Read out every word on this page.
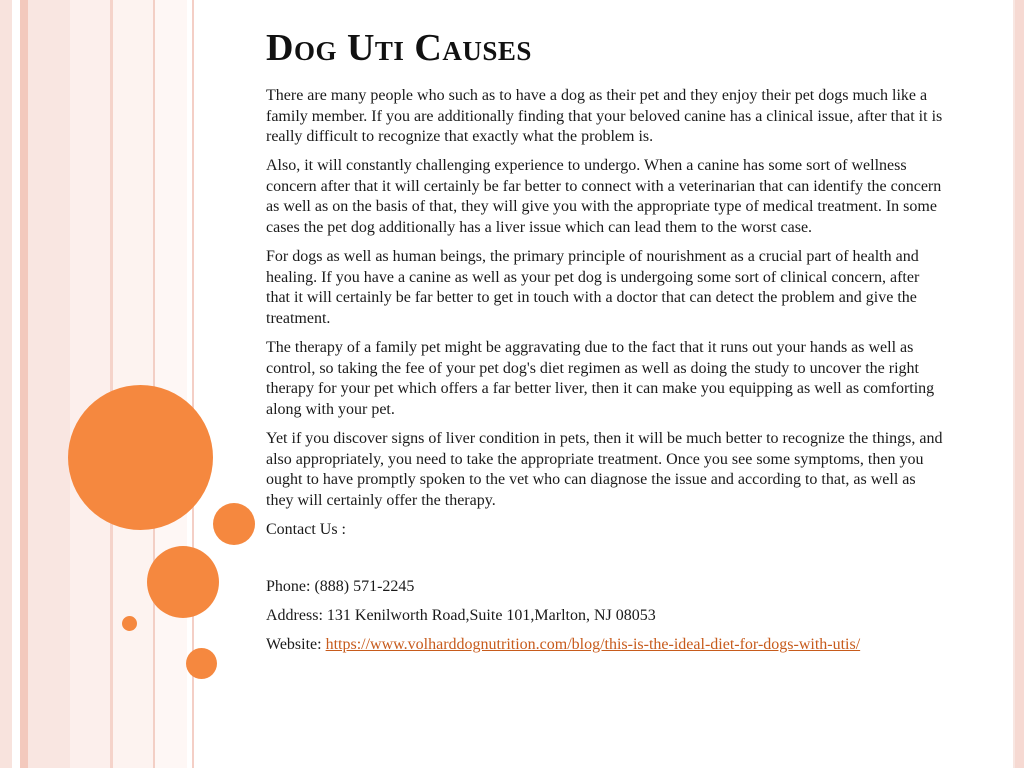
Dog Uti Causes

There are many people who such as to have a dog as their pet and they enjoy their pet dogs much like a family member. If you are additionally finding that your beloved canine has a clinical issue, after that it is really difficult to recognize that exactly what the problem is.

Also, it will constantly challenging experience to undergo. When a canine has some sort of wellness concern after that it will certainly be far better to connect with a veterinarian that can identify the concern as well as on the basis of that, they will give you with the appropriate type of medical treatment. In some cases the pet dog additionally has a liver issue which can lead them to the worst case.

For dogs as well as human beings, the primary principle of nourishment as a crucial part of health and healing. If you have a canine as well as your pet dog is undergoing some sort of clinical concern, after that it will certainly be far better to get in touch with a doctor that can detect the problem and give the treatment.

The therapy of a family pet might be aggravating due to the fact that it runs out your hands as well as control, so taking the fee of your pet dog's diet regimen as well as doing the study to uncover the right therapy for your pet which offers a far better liver, then it can make you equipping as well as comforting along with your pet.

Yet if you discover signs of liver condition in pets, then it will be much better to recognize the things, and also appropriately, you need to take the appropriate treatment. Once you see some symptoms, then you ought to have promptly spoken to the vet who can diagnose the issue and according to that, as well as they will certainly offer the therapy.

Contact Us :

Phone: (888) 571-2245

Address: 131 Kenilworth Road,Suite 101,Marlton, NJ 08053

Website: https://www.volharddognutrition.com/blog/this-is-the-ideal-diet-for-dogs-with-utis/
